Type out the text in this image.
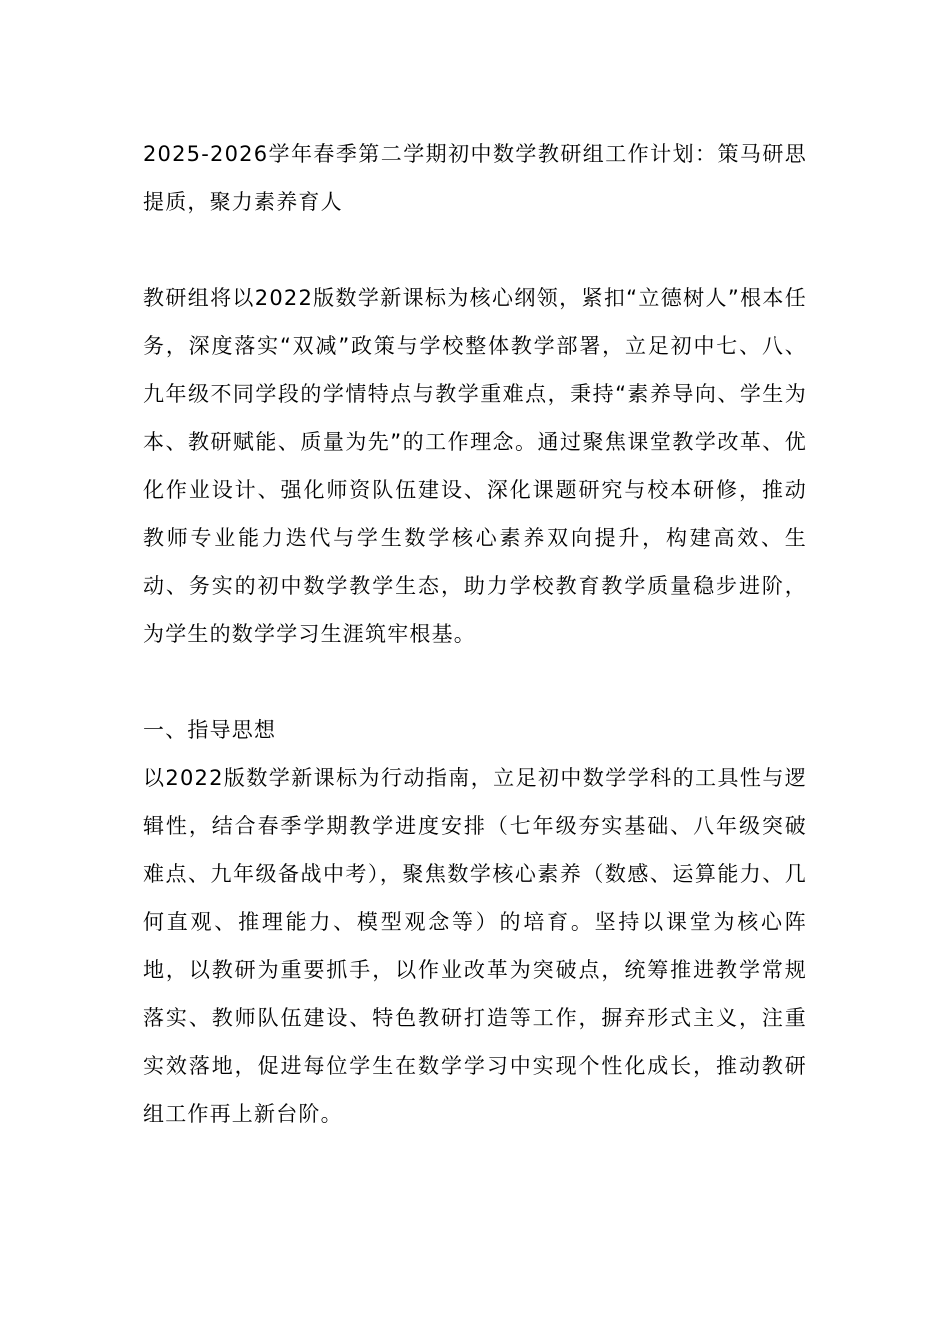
2025-2026学年春季第二学期初中数学教研组工作计划：策马研思提质，聚力素养育人

教研组将以2022版数学新课标为核心纲领，紧扣“立德树人”根本任务，深度落实“双减”政策与学校整体教学部署，立足初中七、八、九年级不同学段的学情特点与教学重难点，秉持“素养导向、学生为本、教研赋能、质量为先”的工作理念。通过聚焦课堂教学改革、优化作业设计、强化师资队伍建设、深化课题研究与校本研修，推动教师专业能力迭代与学生数学核心素养双向提升，构建高效、生动、务实的初中数学教学生态，助力学校教育教学质量稳步进阶，为学生的数学学习生涯筑牢根基。

一、指导思想

以2022版数学新课标为行动指南，立足初中数学学科的工具性与逻辑性，结合春季学期教学进度安排（七年级夯实基础、八年级突破难点、九年级备战中考），聚焦数学核心素养（数感、运算能力、几何直观、推理能力、模型观念等）的培育。坚持以课堂为核心阵地，以教研为重要抓手，以作业改革为突破点，统筹推进教学常规落实、教师队伍建设、特色教研打造等工作，摒弃形式主义，注重实效落地，促进每位学生在数学学习中实现个性化成长，推动教研组工作再上新台阶。
